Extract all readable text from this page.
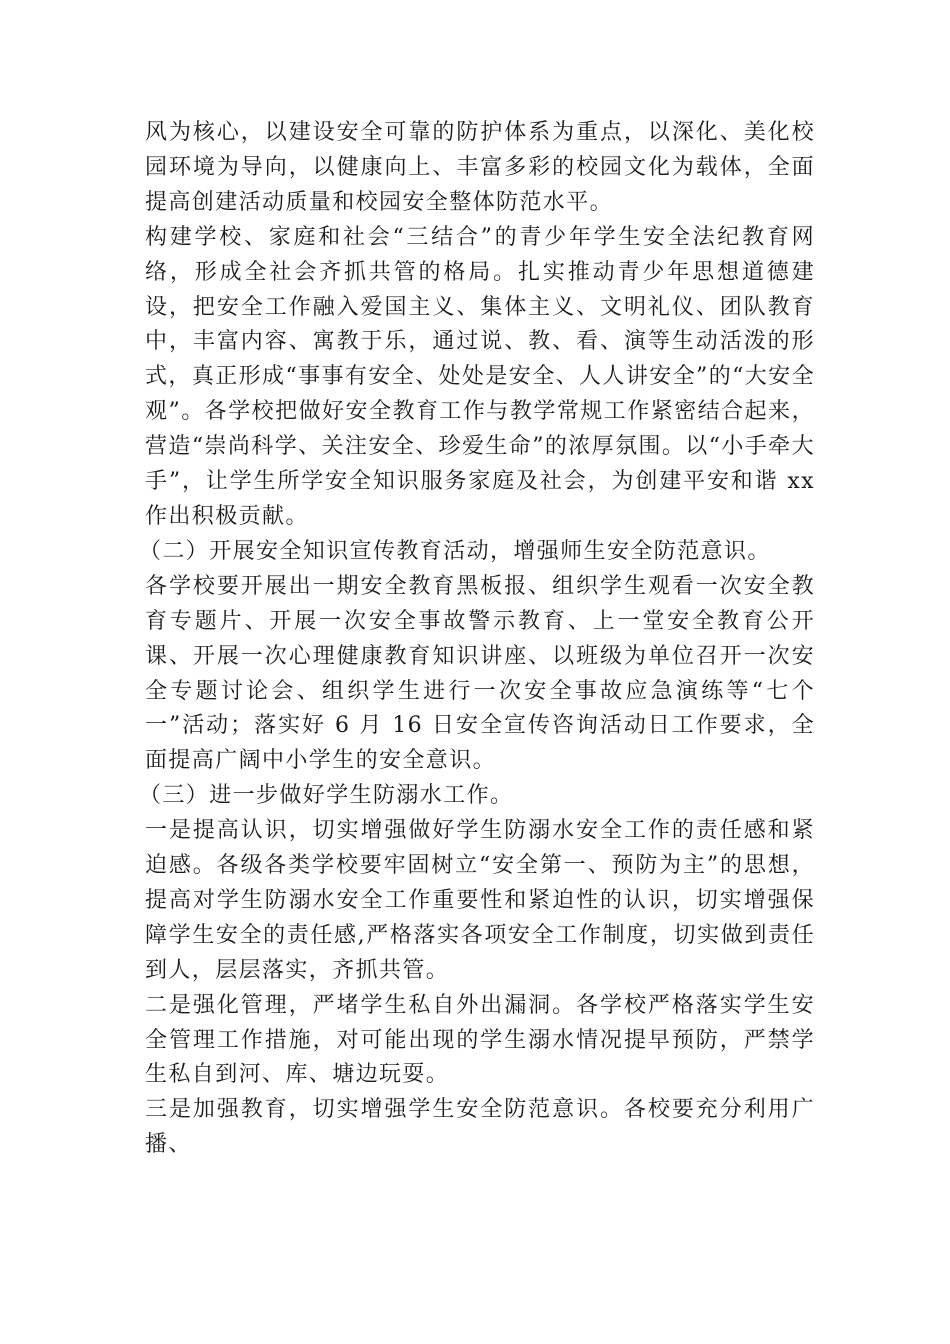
风为核心，以建设安全可靠的防护体系为重点，以深化、美化校园环境为导向，以健康向上、丰富多彩的校园文化为载体，全面提高创建活动质量和校园安全整体防范水平。

构建学校、家庭和社会“三结合”的青少年学生安全法纪教育网络，形成全社会齐抓共管的格局。扎实推动青少年思想道德建设，把安全工作融入爱国主义、集体主义、文明礼仪、团队教育中，丰富内容、寓教于乐，通过说、教、看、演等生动活泼的形式，真正形成“事事有安全、处处是安全、人人讲安全”的“大安全观”。各学校把做好安全教育工作与教学常规工作紧密结合起来，营造“崇尚科学、关注安全、珍爱生命”的浓厚氛围。以“小手牵大手”，让学生所学安全知识服务家庭及社会，为创建平安和谐 xx 作出积极贡献。

（二）开展安全知识宣传教育活动，增强师生安全防范意识。

各学校要开展出一期安全教育黑板报、组织学生观看一次安全教育专题片、开展一次安全事故警示教育、上一堂安全教育公开课、开展一次心理健康教育知识讲座、以班级为单位召开一次安全专题讨论会、组织学生进行一次安全事故应急演练等“七个一”活动；落实好 6 月 16 日安全宣传咨询活动日工作要求，全面提高广阔中小学生的安全意识。

（三）进一步做好学生防溺水工作。

一是提高认识，切实增强做好学生防溺水安全工作的责任感和紧迫感。各级各类学校要牢固树立“安全第一、预防为主”的思想，提高对学生防溺水安全工作重要性和紧迫性的认识，切实增强保障学生安全的责任感,严格落实各项安全工作制度，切实做到责任到人，层层落实，齐抓共管。

二是强化管理，严堵学生私自外出漏洞。各学校严格落实学生安全管理工作措施，对可能出现的学生溺水情况提早预防，严禁学生私自到河、库、塘边玩耍。

三是加强教育，切实增强学生安全防范意识。各校要充分利用广播、
